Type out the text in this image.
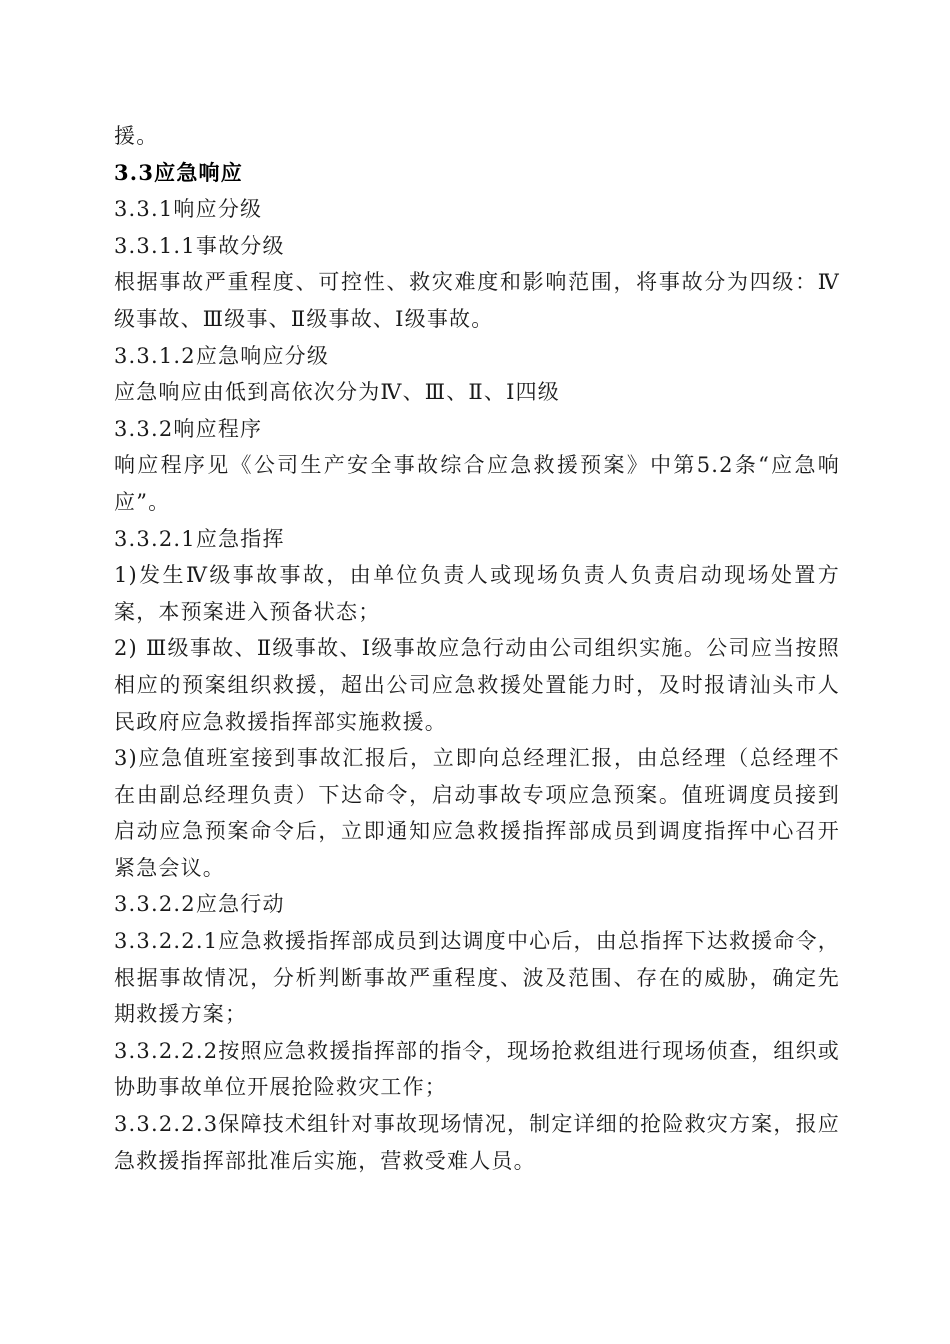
援。

3.3应急响应

3.3.1响应分级

3.3.1.1事故分级

根据事故严重程度、可控性、救灾难度和影响范围，将事故分为四级：Ⅳ级事故、Ⅲ级事、Ⅱ级事故、Ⅰ级事故。

3.3.1.2应急响应分级

应急响应由低到高依次分为Ⅳ、Ⅲ、Ⅱ、Ⅰ四级

3.3.2响应程序

响应程序见《公司生产安全事故综合应急救援预案》中第5.2条“应急响应”。

3.3.2.1应急指挥

1)发生Ⅳ级事故事故，由单位负责人或现场负责人负责启动现场处置方案，本预案进入预备状态；

2) Ⅲ级事故、Ⅱ级事故、Ⅰ级事故应急行动由公司组织实施。公司应当按照相应的预案组织救援，超出公司应急救援处置能力时，及时报请汕头市人民政府应急救援指挥部实施救援。

3)应急值班室接到事故汇报后，立即向总经理汇报，由总经理（总经理不在由副总经理负责）下达命令，启动事故专项应急预案。值班调度员接到启动应急预案命令后，立即通知应急救援指挥部成员到调度指挥中心召开紧急会议。

3.3.2.2应急行动

3.3.2.2.1应急救援指挥部成员到达调度中心后，由总指挥下达救援命令，根据事故情况，分析判断事故严重程度、波及范围、存在的威胁，确定先期救援方案；

3.3.2.2.2按照应急救援指挥部的指令，现场抢救组进行现场侦查，组织或协助事故单位开展抢险救灾工作；

3.3.2.2.3保障技术组针对事故现场情况，制定详细的抢险救灾方案，报应急救援指挥部批准后实施，营救受难人员。
